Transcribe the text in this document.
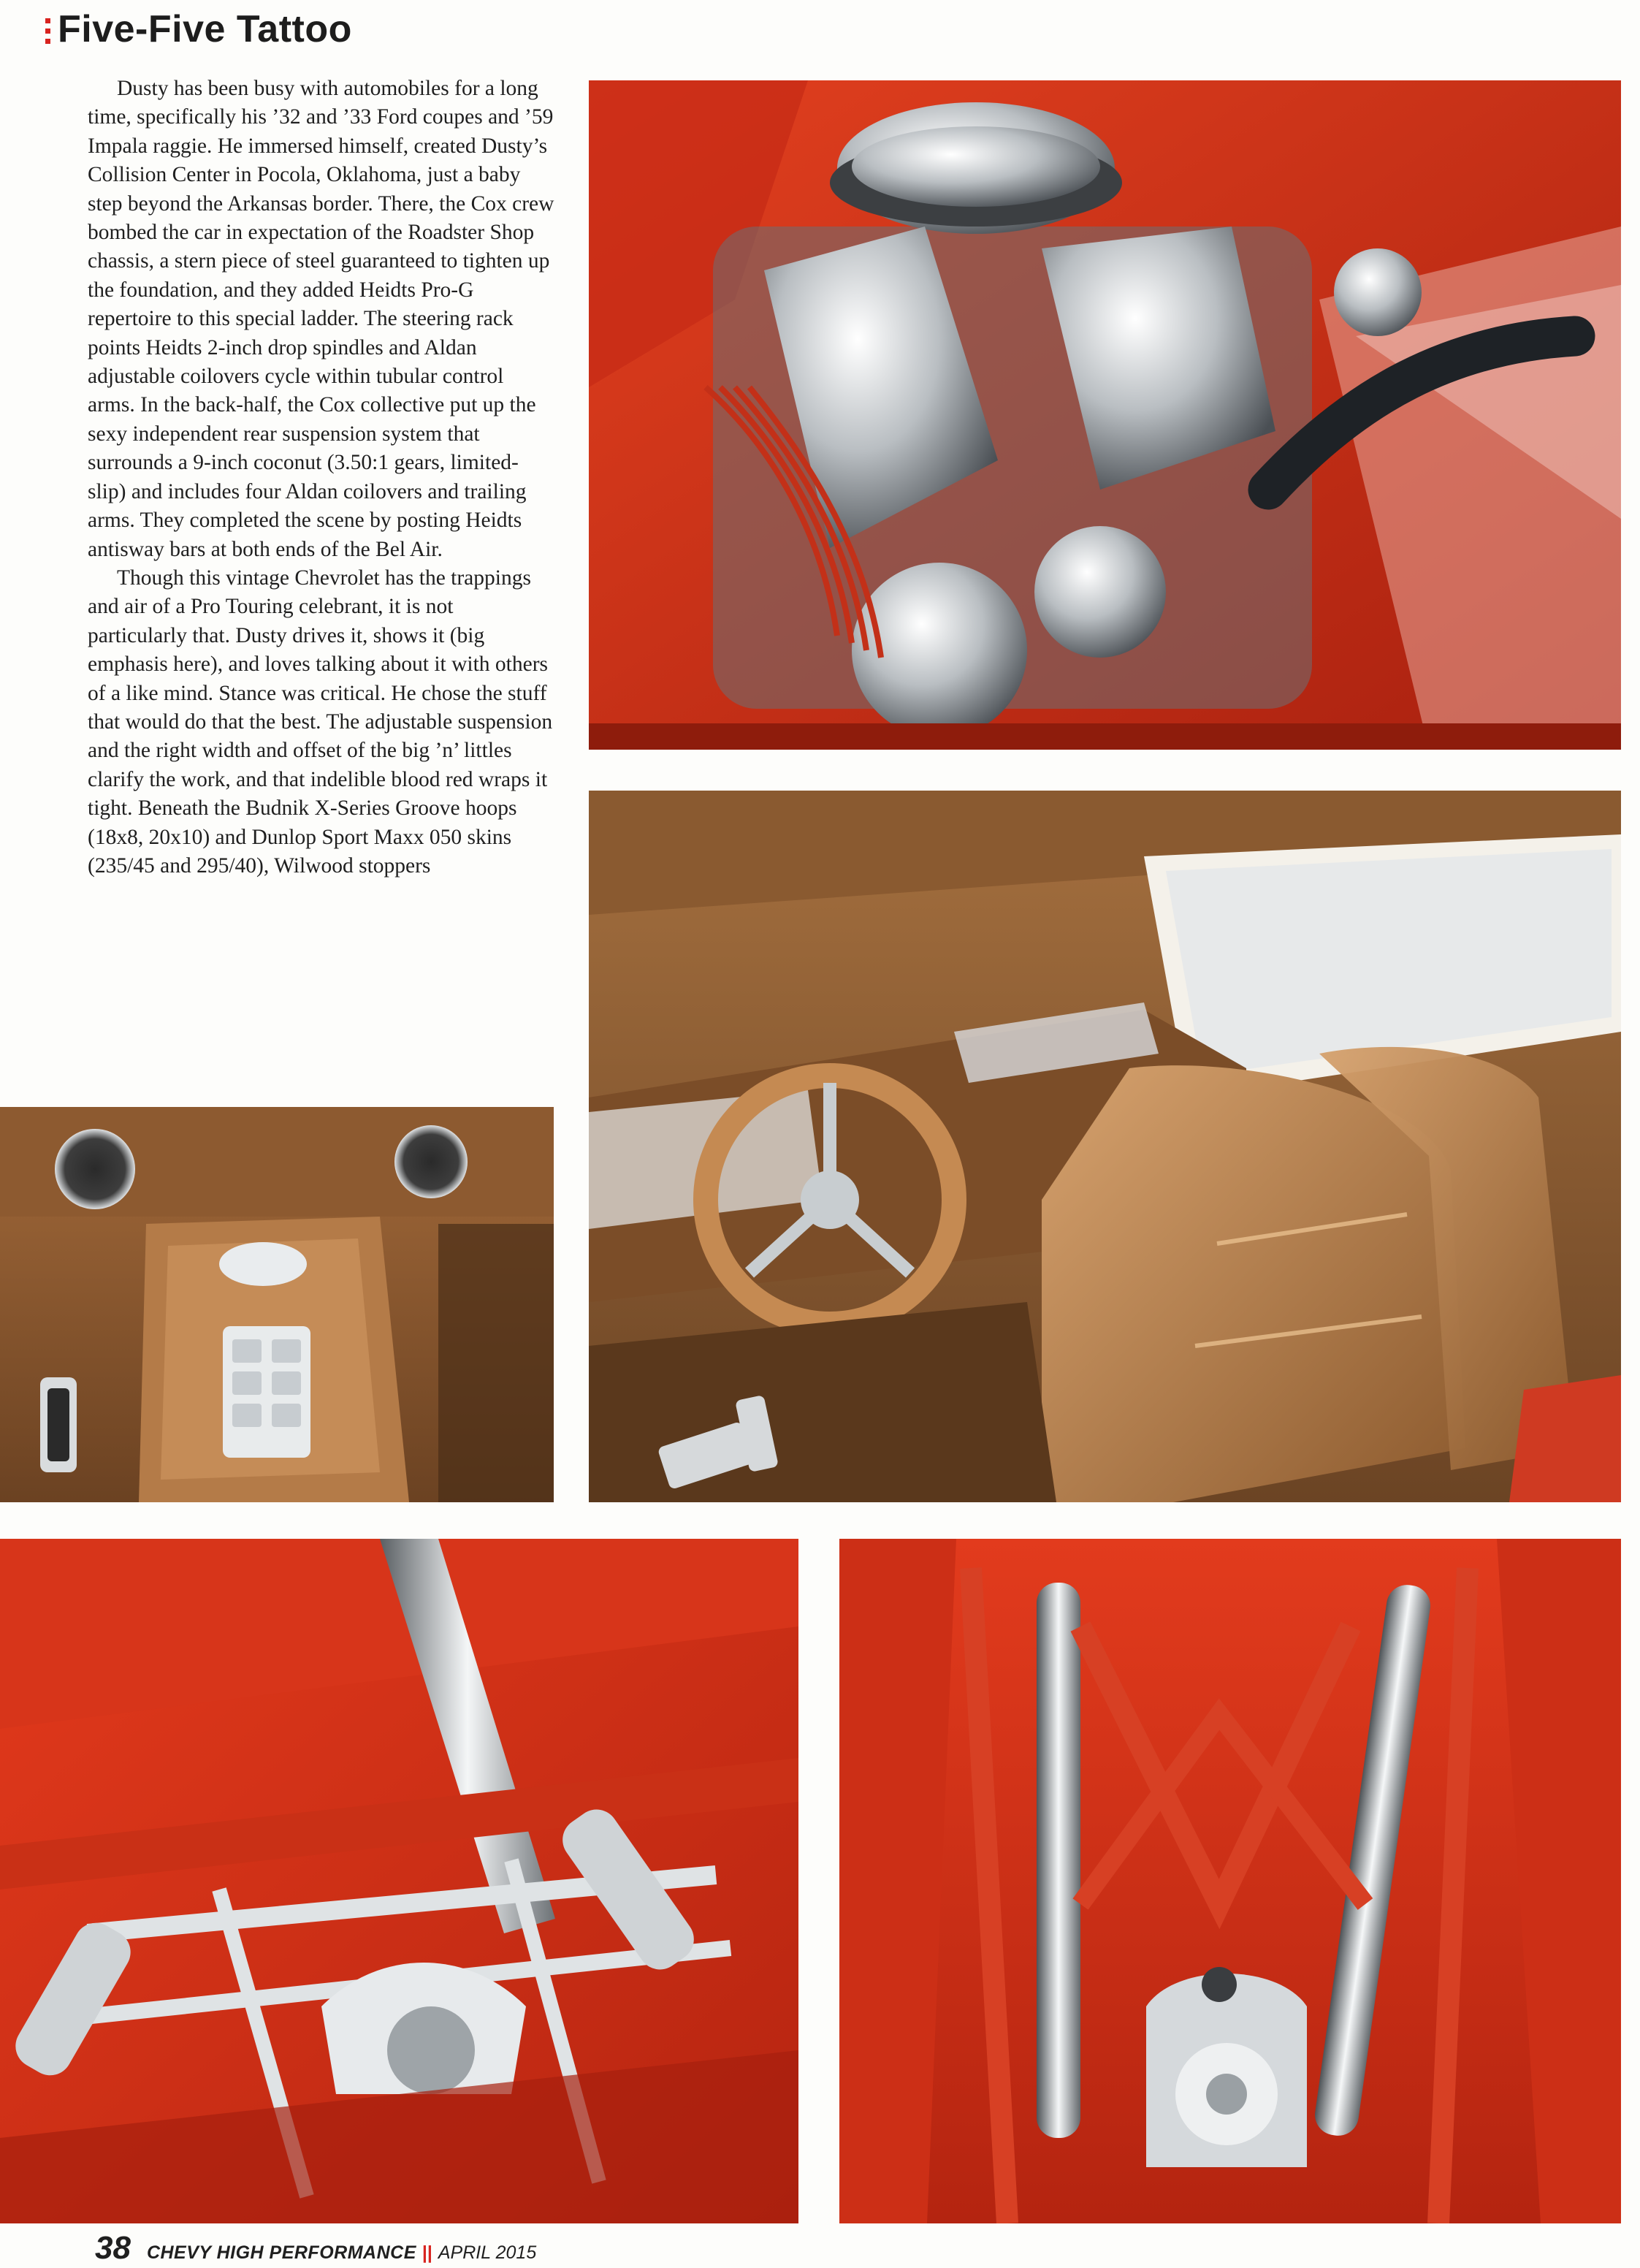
Five-Five Tattoo

Dusty has been busy with automobiles for a long time, specifically his ’32 and ’33 Ford coupes and ’59 Impala raggie. He immersed himself, created Dusty’s Collision Center in Pocola, Oklahoma, just a baby step beyond the Arkansas border. There, the Cox crew bombed the car in expectation of the Roadster Shop chassis, a stern piece of steel guaranteed to tighten up the foundation, and they added Heidts Pro-G repertoire to this special ladder. The steering rack points Heidts 2-inch drop spindles and Aldan adjustable coilovers cycle within tubular control arms. In the back-half, the Cox collective put up the sexy independent rear suspension system that surrounds a 9-inch coconut (3.50:1 gears, limited-slip) and includes four Aldan coilovers and trailing arms. They completed the scene by posting Heidts antisway bars at both ends of the Bel Air.

Though this vintage Chevrolet has the trappings and air of a Pro Touring celebrant, it is not particularly that. Dusty drives it, shows it (big emphasis here), and loves talking about it with others of a like mind. Stance was critical. He chose the stuff that would do that the best. The adjustable suspension and the right width and offset of the big ’n’ littles clarify the work, and that indelible blood red wraps it tight. Beneath the Budnik X-Series Groove hoops (18x8, 20x10) and Dunlop Sport Maxx 050 skins (235/45 and 295/40), Wilwood stoppers

38 CHEVY HIGH PERFORMANCE || APRIL 2015
